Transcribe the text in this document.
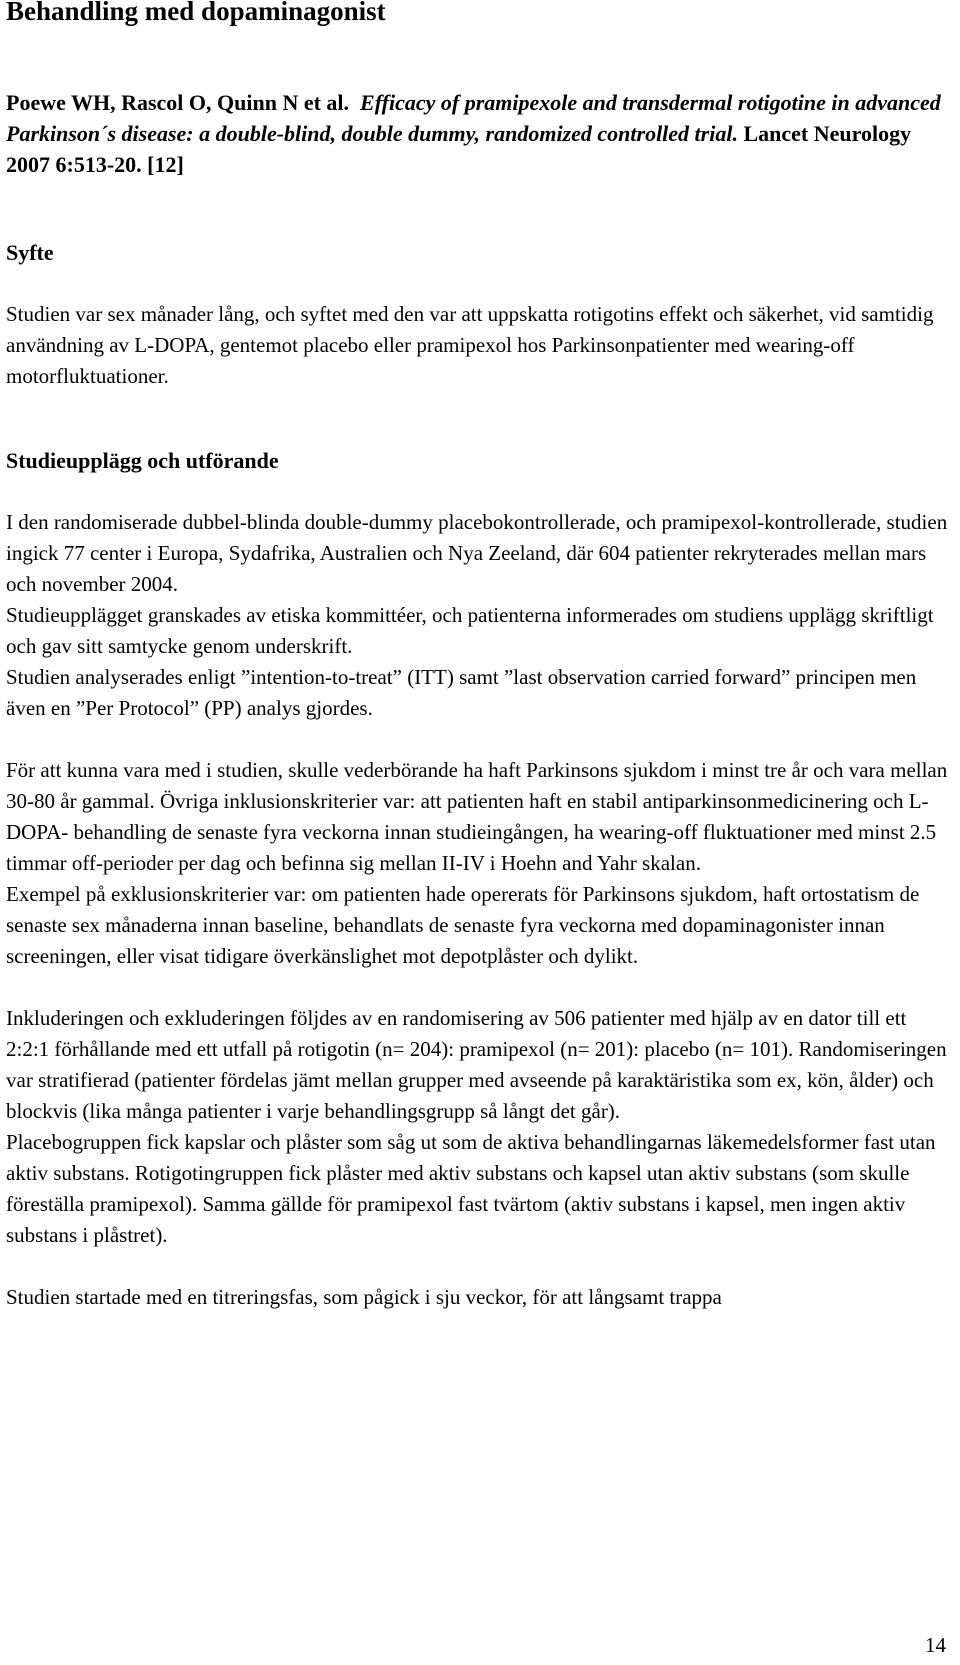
Behandling med dopaminagonist

Poewe WH, Rascol O, Quinn N et al. Efficacy of pramipexole and transdermal rotigotine in advanced Parkinson´s disease: a double-blind, double dummy, randomized controlled trial. Lancet Neurology 2007 6:513-20. [12]

Syfte

Studien var sex månader lång, och syftet med den var att uppskatta rotigotins effekt och säkerhet, vid samtidig användning av L-DOPA, gentemot placebo eller pramipexol hos Parkinsonpatienter med wearing-off motorfluktuationer.

Studieupplägg och utförande

I den randomiserade dubbel-blinda double-dummy placebokontrollerade, och pramipexol-kontrollerade, studien ingick 77 center i Europa, Sydafrika, Australien och Nya Zeeland, där 604 patienter rekryterades mellan mars och november 2004.

Studieupplägget granskades av etiska kommittéer, och patienterna informerades om studiens upplägg skriftligt och gav sitt samtycke genom underskrift.

Studien analyserades enligt ”intention-to-treat” (ITT) samt ”last observation carried forward” principen men även en ”Per Protocol” (PP) analys gjordes.

För att kunna vara med i studien, skulle vederbörande ha haft Parkinsons sjukdom i minst tre år och vara mellan 30-80 år gammal. Övriga inklusionskriterier var: att patienten haft en stabil antiparkinsonmedicinering och L-DOPA- behandling de senaste fyra veckorna innan studieingången, ha wearing-off fluktuationer med minst 2.5 timmar off-perioder per dag och befinna sig mellan II-IV i Hoehn and Yahr skalan.

Exempel på exklusionskriterier var: om patienten hade opererats för Parkinsons sjukdom, haft ortostatism de senaste sex månaderna innan baseline, behandlats de senaste fyra veckorna med dopaminagonister innan screeningen, eller visat tidigare överkänslighet mot depotplåster och dylikt.

Inkluderingen och exkluderingen följdes av en randomisering av 506 patienter med hjälp av en dator till ett 2:2:1 förhållande med ett utfall på rotigotin (n= 204): pramipexol (n= 201): placebo (n= 101). Randomiseringen var stratifierad (patienter fördelas jämt mellan grupper med avseende på karaktäristika som ex, kön, ålder) och blockvis (lika många patienter i varje behandlingsgrupp så långt det går).

Placebogruppen fick kapslar och plåster som såg ut som de aktiva behandlingarnas läkemedelsformer fast utan aktiv substans. Rotigotingruppen fick plåster med aktiv substans och kapsel utan aktiv substans (som skulle föreställa pramipexol). Samma gällde för pramipexol fast tvärtom (aktiv substans i kapsel, men ingen aktiv substans i plåstret).

Studien startade med en titreringsfas, som pågick i sju veckor, för att långsamt trappa

14
